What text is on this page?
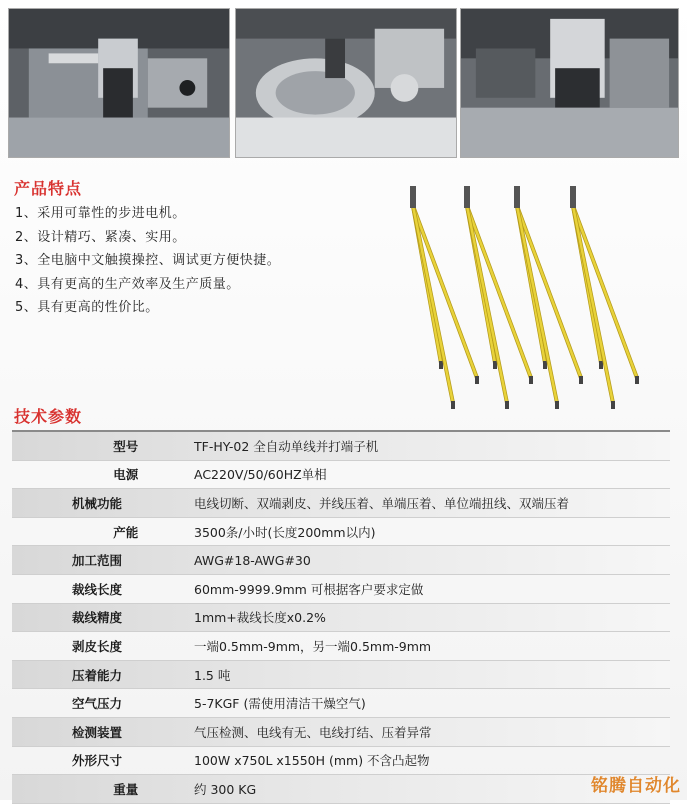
产品特点
1、采用可靠性的步进电机。
2、设计精巧、紧凑、实用。
3、全电脑中文触摸操控、调试更方便快捷。
4、具有更高的生产效率及生产质量。
5、具有更高的性价比。
技术参数
型号	TF-HY-02 全自动单线并打端子机
电源	AC220V/50/60HZ单相
机械功能	电线切断、双端剥皮、并线压着、单端压着、单位端扭线、双端压着
产能	3500条/小时(长度200mm以内)
加工范围	AWG#18-AWG#30
裁线长度	60mm-9999.9mm 可根据客户要求定做
裁线精度	1mm+裁线长度x0.2%
剥皮长度	一端0.5mm-9mm，另一端0.5mm-9mm
压着能力	1.5 吨
空气压力	5-7KGF (需使用清洁干燥空气)
检测装置	气压检测、电线有无、电线打结、压着异常
外形尺寸	100W x750L x1550H (mm) 不含凸起物
重量	约 300 KG	铭腾自动化
